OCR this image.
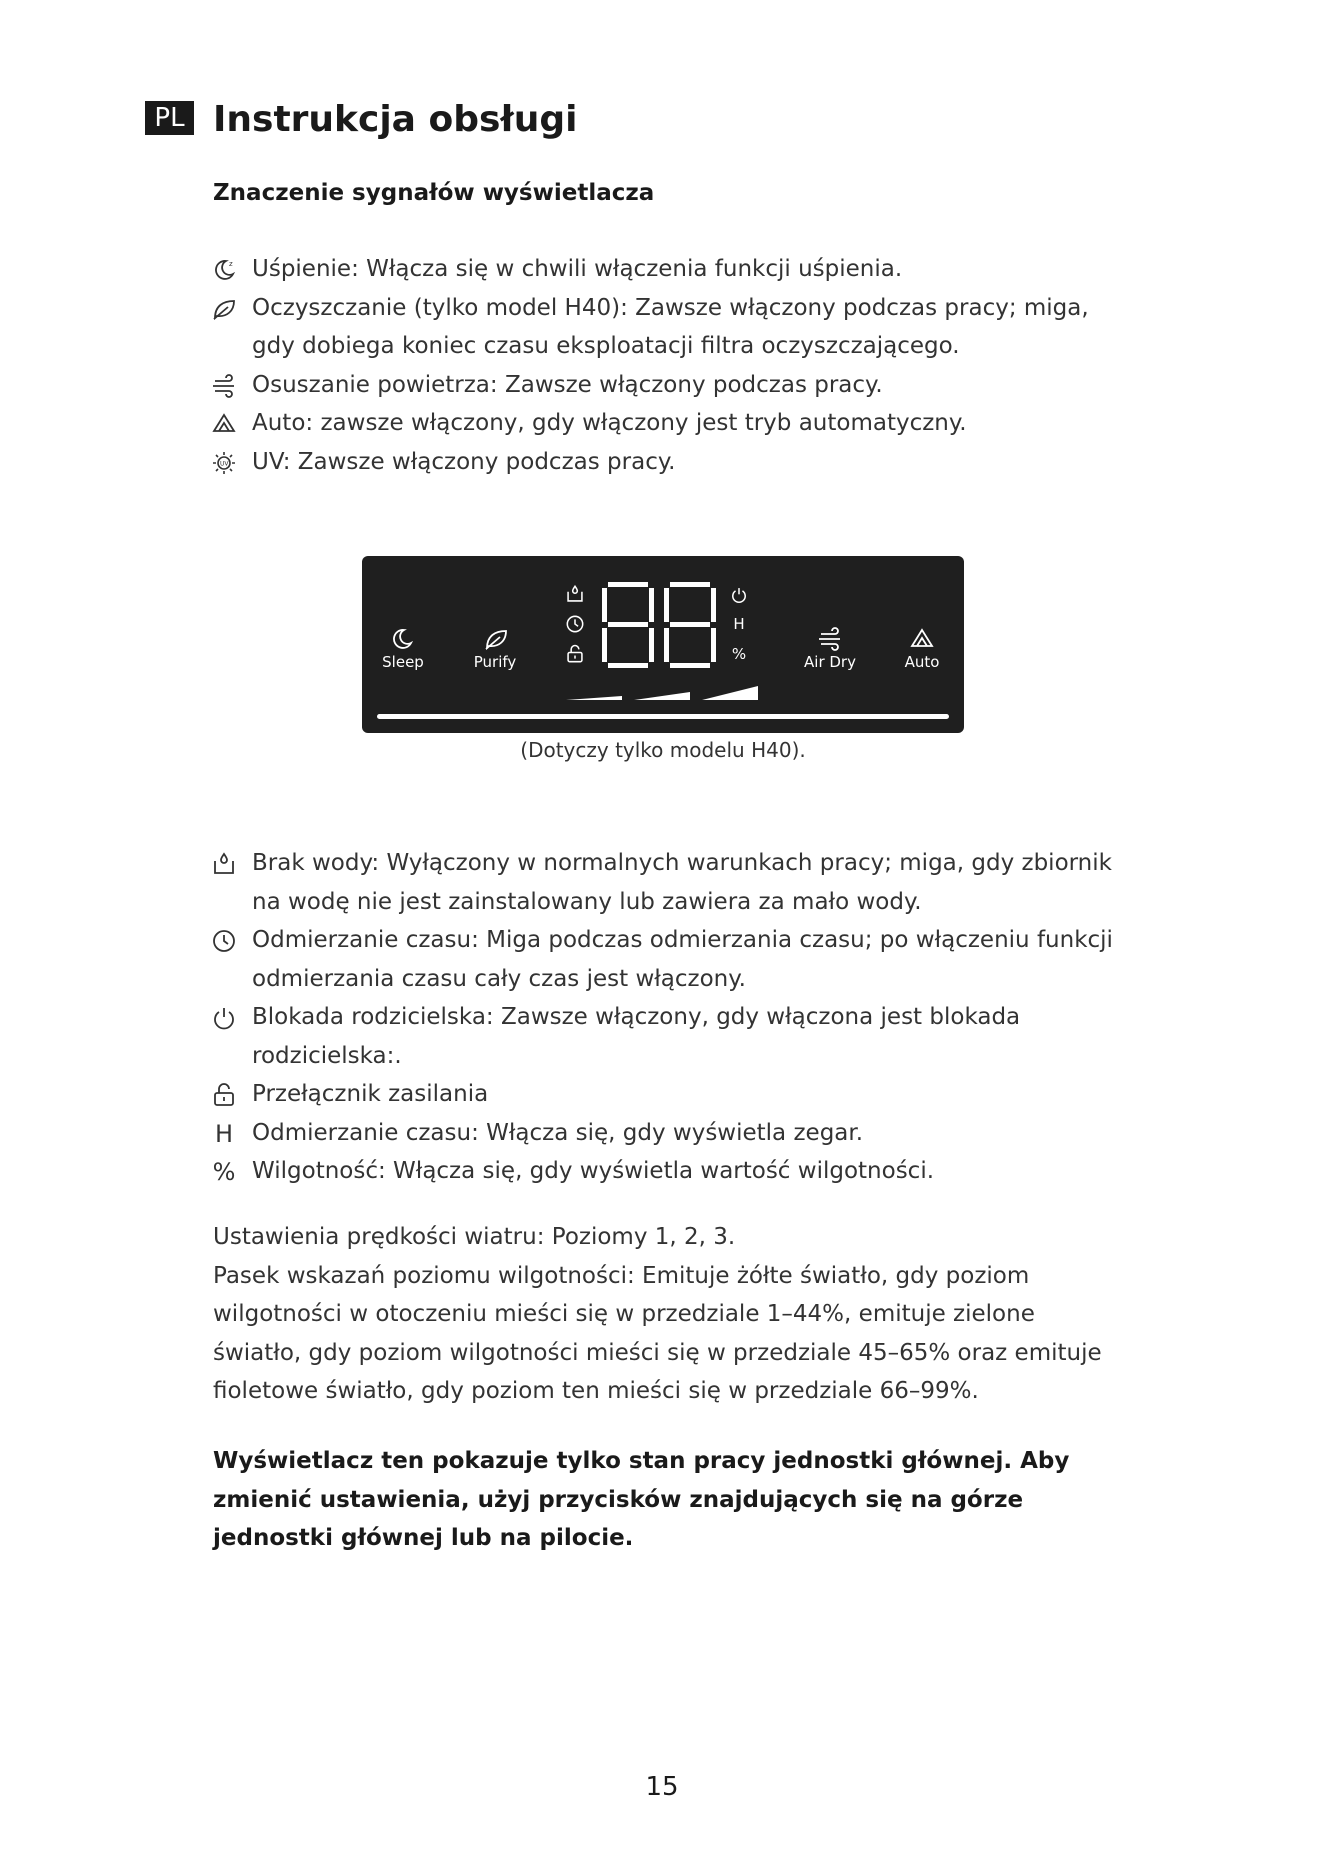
PL Instrukcja obsługi
Znaczenie sygnałów wyświetlacza
z Uśpienie: Włącza się w chwili włączenia funkcji uśpienia.
Oczyszczanie (tylko model H40): Zawsze włączony podczas pracy; miga, gdy dobiega koniec czasu eksploatacji filtra oczyszczającego.
Osuszanie powietrza: Zawsze włączony podczas pracy.
Auto: zawsze włączony, gdy włączony jest tryb automatyczny.
UV UV: Zawsze włączony podczas pracy.
Sleep	Purify
H
%	Air Dry	Auto
(Dotyczy tylko modelu H40).
Brak wody: Wyłączony w normalnych warunkach pracy; miga, gdy zbiornik na wodę nie jest zainstalowany lub zawiera za mało wody.
Odmierzanie czasu: Miga podczas odmierzania czasu; po włączeniu funkcji odmierzania czasu cały czas jest włączony.
Blokada rodzicielska: Zawsze włączony, gdy włączona jest blokada rodzicielska:.
Przełącznik zasilania
H Odmierzanie czasu: Włącza się, gdy wyświetla zegar.
% Wilgotność: Włącza się, gdy wyświetla wartość wilgotności.
Ustawienia prędkości wiatru: Poziomy 1, 2, 3.
Pasek wskazań poziomu wilgotności: Emituje żółte światło, gdy poziom wilgotności w otoczeniu mieści się w przedziale 1–44%, emituje zielone światło, gdy poziom wilgotności mieści się w przedziale 45–65% oraz emituje fioletowe światło, gdy poziom ten mieści się w przedziale 66–99%.

Wyświetlacz ten pokazuje tylko stan pracy jednostki głównej. Aby zmienić ustawienia, użyj przycisków znajdujących się na górze jednostki głównej lub na pilocie.

15
